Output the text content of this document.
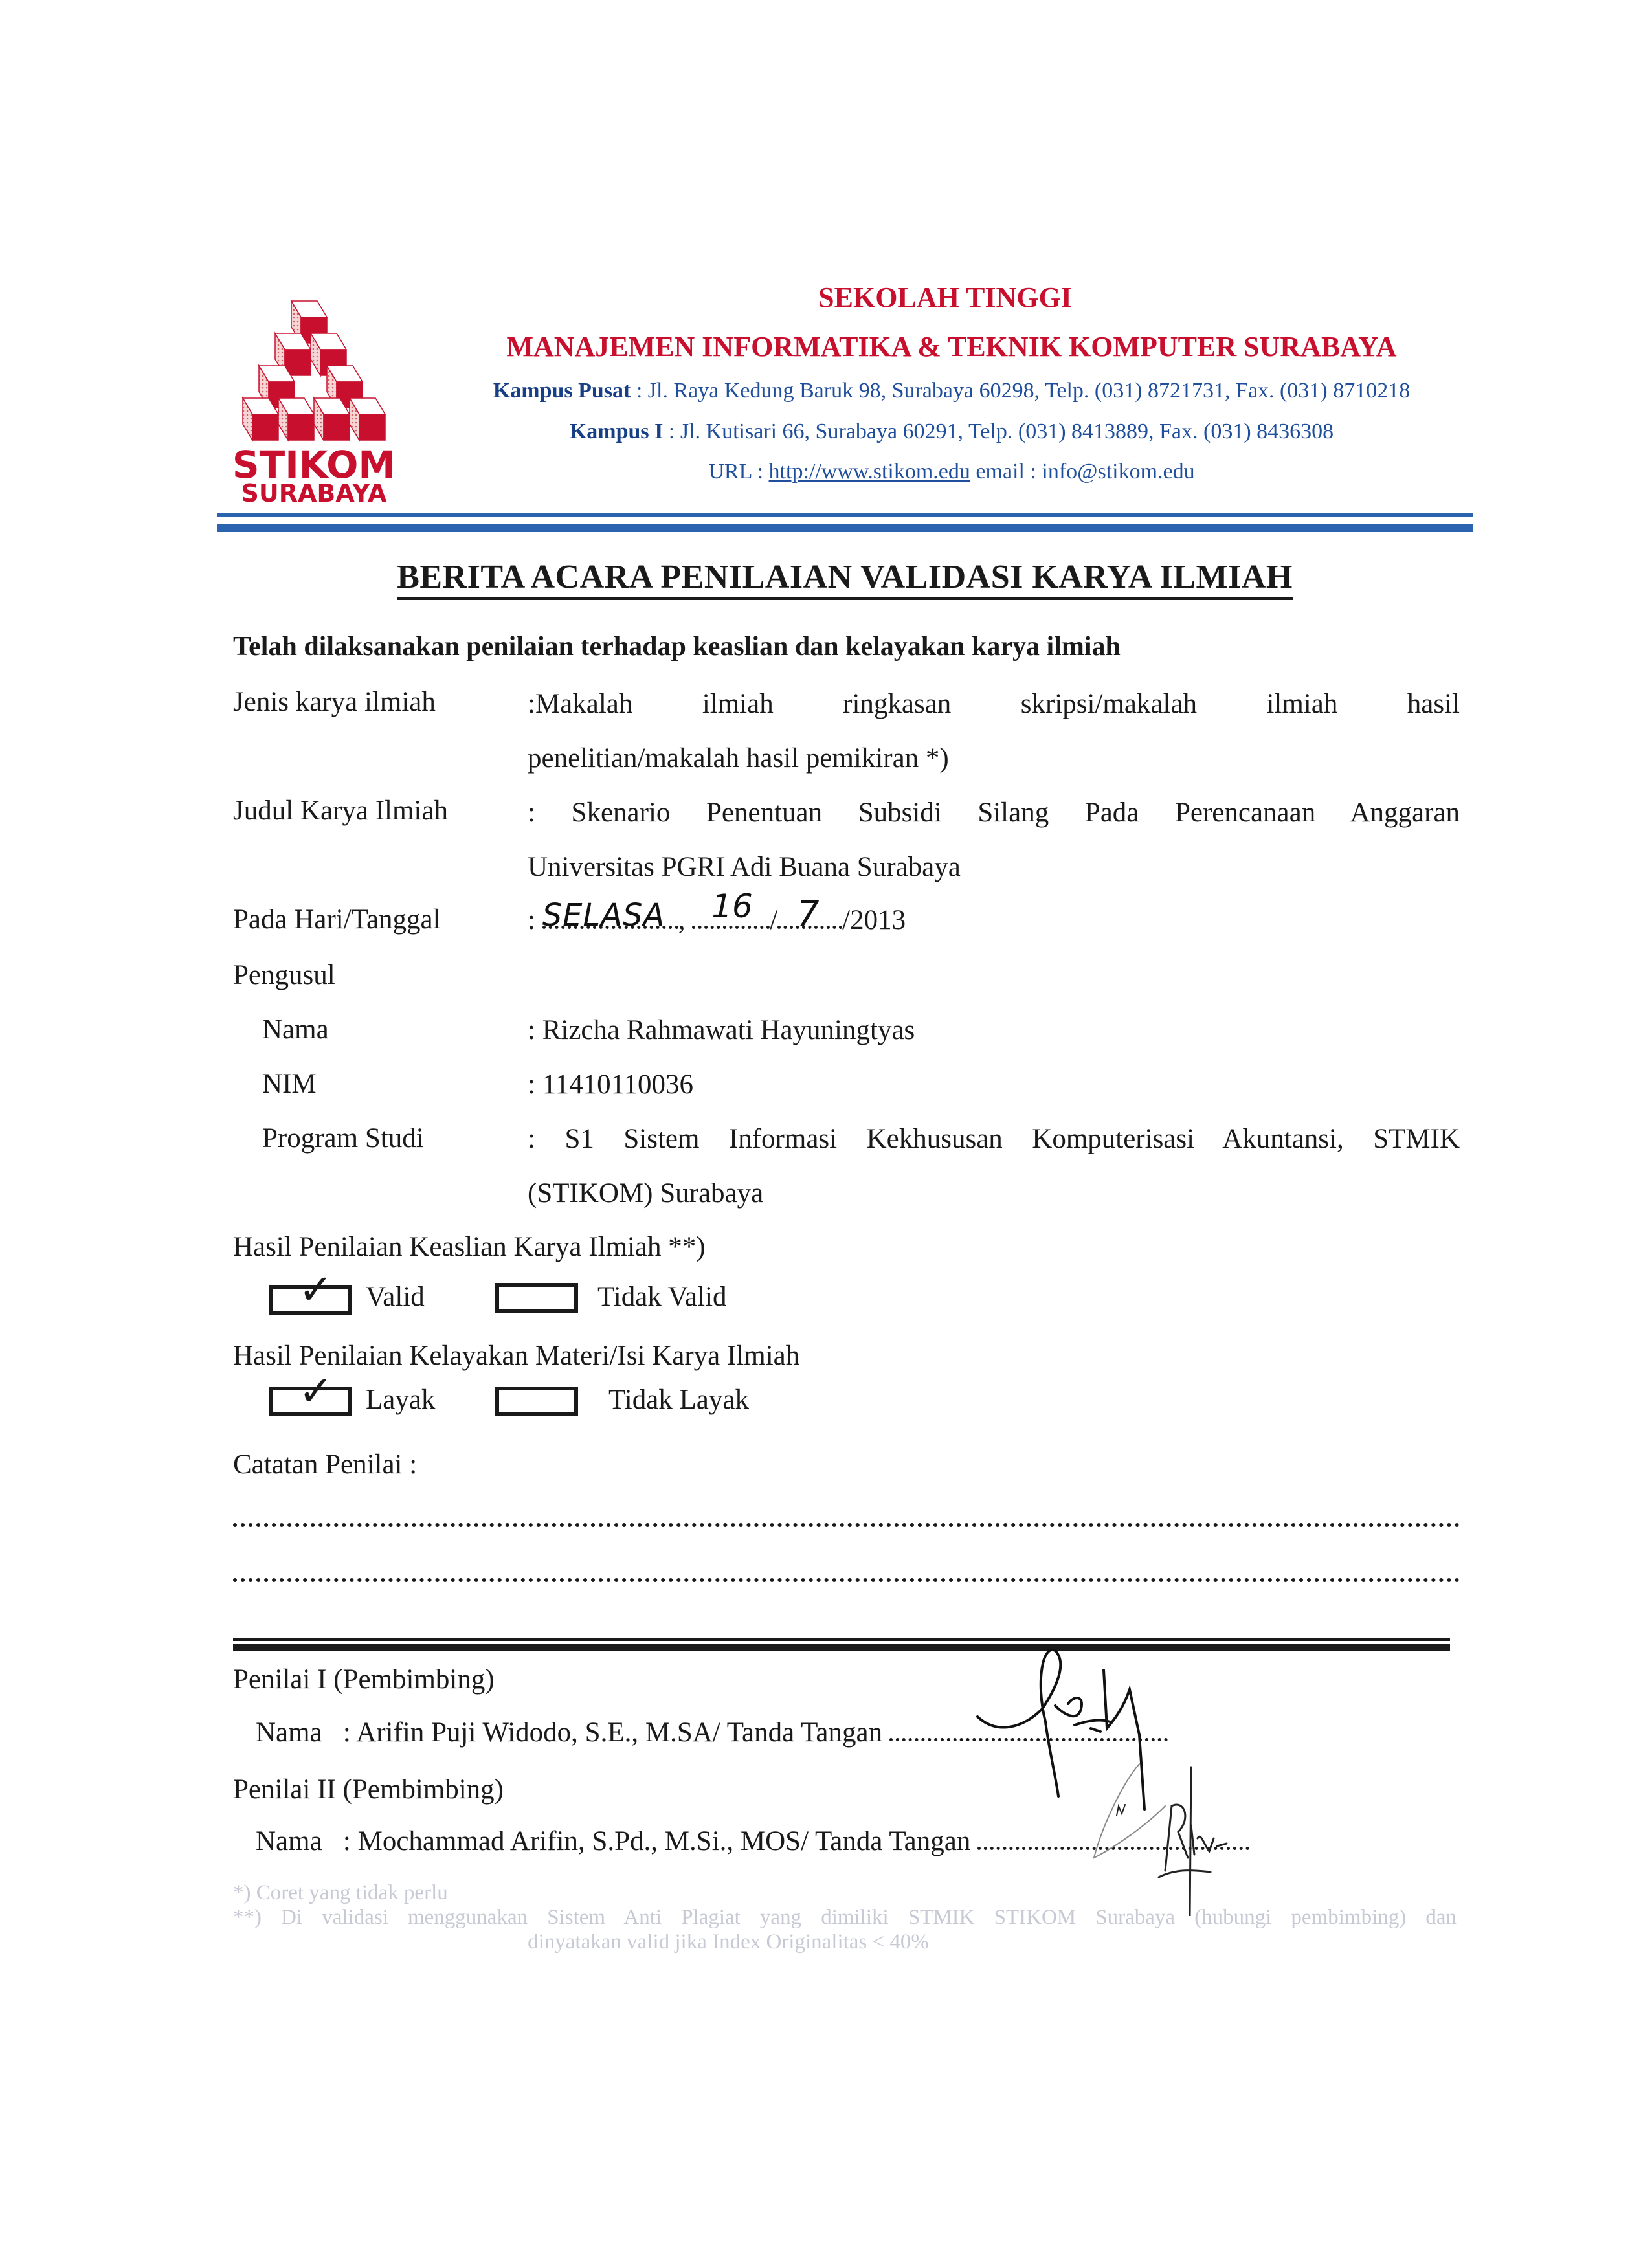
STIKOM
SURABAYA
SEKOLAH TINGGI
MANAJEMEN INFORMATIKA & TEKNIK KOMPUTER SURABAYA
Kampus Pusat : Jl. Raya Kedung Baruk 98, Surabaya 60298, Telp. (031) 8721731, Fax. (031) 8710218
Kampus I : Jl. Kutisari 66, Surabaya 60291, Telp. (031) 8413889, Fax. (031) 8436308
URL : http://www.stikom.edu email : info@stikom.edu
BERITA ACARA PENILAIAN VALIDASI KARYA ILMIAH
Telah dilaksanakan penilaian terhadap keaslian dan kelayakan karya ilmiah
Jenis karya ilmiah	:Makalah ilmiah ringkasan skripsi/makalah ilmiah hasil
penelitian/makalah hasil pemikiran *)
Judul Karya Ilmiah	: Skenario Penentuan Subsidi Silang Pada Perencanaan Anggaran
Universitas PGRI Adi Buana Surabaya
Pada Hari/Tanggal	: SELASA , 16 / 7 /2013
Pengusul
Nama	: Rizcha Rahmawati Hayuningtyas
NIM	: 11410110036
Program Studi	: S1 Sistem Informasi Kekhususan Komputerisasi Akuntansi, STMIK
(STIKOM) Surabaya
Hasil Penilaian Keaslian Karya Ilmiah **)
✓ Valid	Tidak Valid
Hasil Penilaian Kelayakan Materi/Isi Karya Ilmiah
✓ Layak	Tidak Layak
Catatan Penilai :
Penilai I (Pembimbing)
Nama   : Arifin Puji Widodo, S.E., M.SA/ Tanda Tangan
Penilai II (Pembimbing)
Nama   : Mochammad Arifin, S.Pd., M.Si., MOS/ Tanda Tangan
*) Coret yang tidak perlu
**) Di validasi menggunakan Sistem Anti Plagiat yang dimiliki STMIK STIKOM Surabaya (hubungi pembimbing) dan
dinyatakan valid jika Index Originalitas < 40%
